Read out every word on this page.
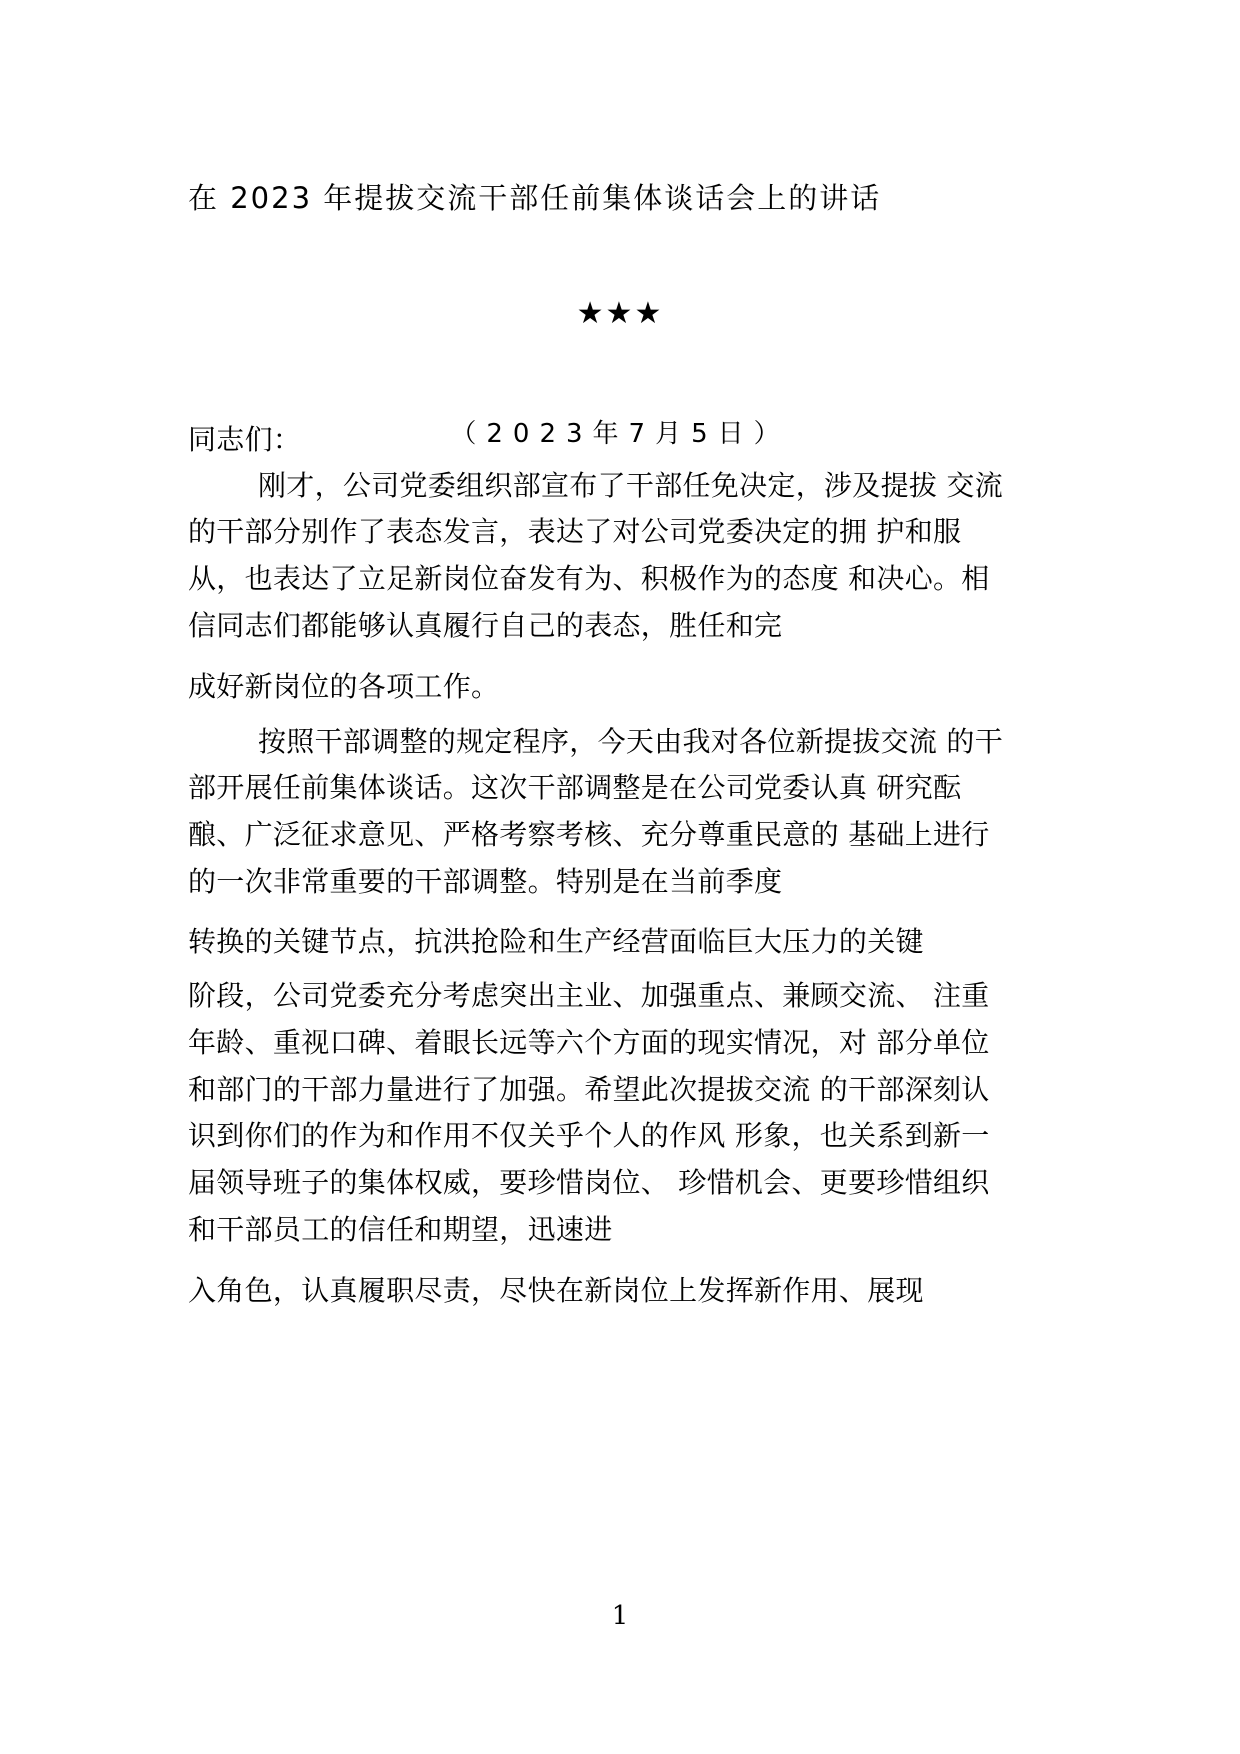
在 2023 年提拔交流干部任前集体谈话会上的讲话
★★★
（2023年7月5日）
同志们：
刚才，公司党委组织部宣布了干部任免决定，涉及提拔 交流
的干部分别作了表态发言，表达了对公司党委决定的拥 护和服
从，也表达了立足新岗位奋发有为、积极作为的态度 和决心。相
信同志们都能够认真履行自己的表态，胜任和完
成好新岗位的各项工作。
按照干部调整的规定程序，今天由我对各位新提拔交流 的干
部开展任前集体谈话。这次干部调整是在公司党委认真 研究酝
酿、广泛征求意见、严格考察考核、充分尊重民意的 基础上进行
的一次非常重要的干部调整。特别是在当前季度
转换的关键节点，抗洪抢险和生产经营面临巨大压力的关键
阶段，公司党委充分考虑突出主业、加强重点、兼顾交流、 注重
年龄、重视口碑、着眼长远等六个方面的现实情况，对 部分单位
和部门的干部力量进行了加强。希望此次提拔交流 的干部深刻认
识到你们的作为和作用不仅关乎个人的作风 形象，也关系到新一
届领导班子的集体权威，要珍惜岗位、 珍惜机会、更要珍惜组织
和干部员工的信任和期望，迅速进
入角色，认真履职尽责，尽快在新岗位上发挥新作用、展现
1
